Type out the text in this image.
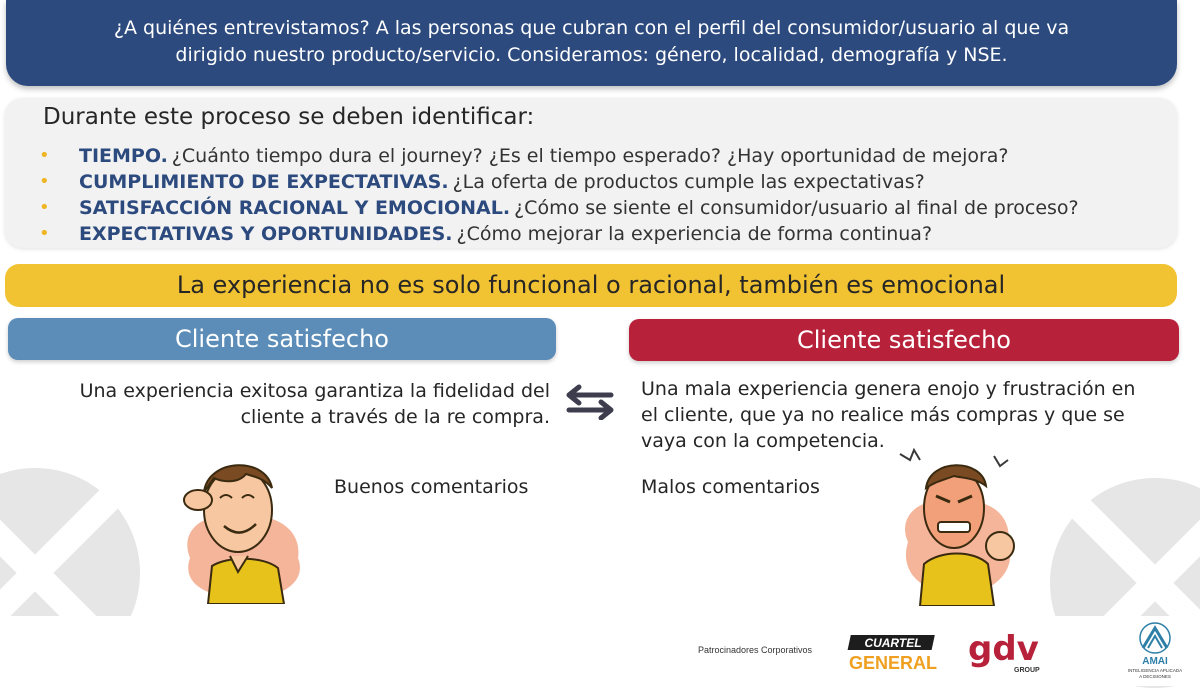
¿A quiénes entrevistamos? A las personas que cubran con el perfil del consumidor/usuario al que va
dirigido nuestro producto/servicio. Consideramos: género, localidad, demografía y NSE.
Durante este proceso se deben identificar:
• TIEMPO. ¿Cuánto tiempo dura el journey? ¿Es el tiempo esperado? ¿Hay oportunidad de mejora?
• CUMPLIMIENTO DE EXPECTATIVAS. ¿La oferta de productos cumple las expectativas?
• SATISFACCIÓN RACIONAL Y EMOCIONAL. ¿Cómo se siente el consumidor/usuario al final de proceso?
• EXPECTATIVAS Y OPORTUNIDADES. ¿Cómo mejorar la experiencia de forma continua?
La experiencia no es solo funcional o racional, también es emocional
Cliente satisfecho	Cliente satisfecho
Una experiencia exitosa garantiza la fidelidad del
cliente a través de la re compra.
Una mala experiencia genera enojo y frustración en
el cliente, que ya no realice más compras y que se
vaya con la competencia.
Buenos comentarios	Malos comentarios
Patrocinadores Corporativos	CUARTEL
GENERAL gdv
GROUP
AMAI
INTELIGENCIA APLICADA
A DECISIONES
